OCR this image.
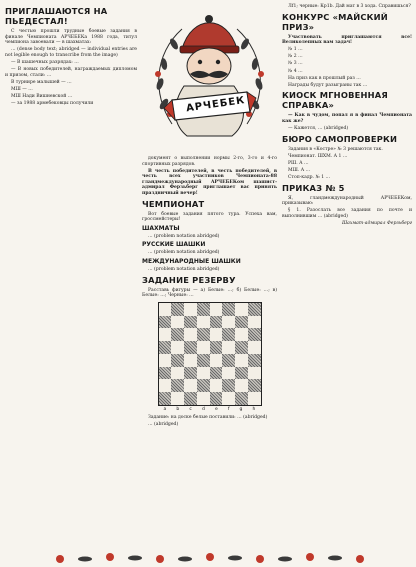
ПРИГЛАШАЮТСЯ НА ПЬЕДЕСТАЛ!

С честью прошли трудные боевые задания в финале Чемпионата АРЧЕБЕКа 1988 года, титул чемпиона завоевали — в шахматах:

… (dense body text; abridged — individual entries are not legible enough to transcribe from the image)

— В шашечных разрядах: …

— В новых победителей, награждаемых дипломом и призом, стали: …

В турнире малышей — …

МШ — …

МШ Нади Вишневской …

— за 1988 армебековцы получили	АРЧЕБЕК

документ о выполнении нормы 2-го, 3-го и 4-го спортивных разрядов.

В честь победителей, в честь победителей, в честь всех участников Чемпионата-88 гландмеждународный АРЧЕБЕКом шашист-адмирал Ферзьберг приглашает вас принять праздничный вечер!

ЧЕМПИОНАТ

Вот боевые задания пятого тура. Успеха вам, гроссмейстеры!

ШАХМАТЫ

… (problem notation abridged)

РУССКИЕ ШАШКИ

… (problem notation abridged)

МЕЖДУНАРОДНЫЕ ШАШКИ

… (problem notation abridged)

ЗАДАНИЕ РЕЗЕРВУ

Расставь фигуры — а) Белые: …; б) Белые: …; в) Белые: …; Черные: …

a b c d e f g h

Задание: на доске белые поставили: … (abridged)

… (abridged)

Лf1; черные: Кр1b. Дай мат в 3 хода. Справишься?

КОНКУРС «МАЙСКИЙ ПРИЗ»

Участвовать приглашаются все! Великолепных вам задач!

№ 1 …

№ 2 …

№ 3 …

№ 4 …

На приз как в прошлый раз …

Награды будут разыграны так …

КИОСК МГНОВЕННАЯ СПРАВКА»

— Как в чудом, попал я в финал Чемпионата как же?

— Кажется, … (abridged)

БЮРО САМОПРОВЕРКИ

Задания в «Костре» № 3 решаются так.

Чемпионат. ШХМ. А 1 …

РШ. А …

МШ. А …

Стоп-кадр. № 1 …

ПРИКАЗ № 5

Я, гландмеждународный АРЧЕБЕКом, приказываю:

§ 1. Разослать все задания по почте и выполнившим … (abridged)

Шахмат-адмирал Ферзьберг
